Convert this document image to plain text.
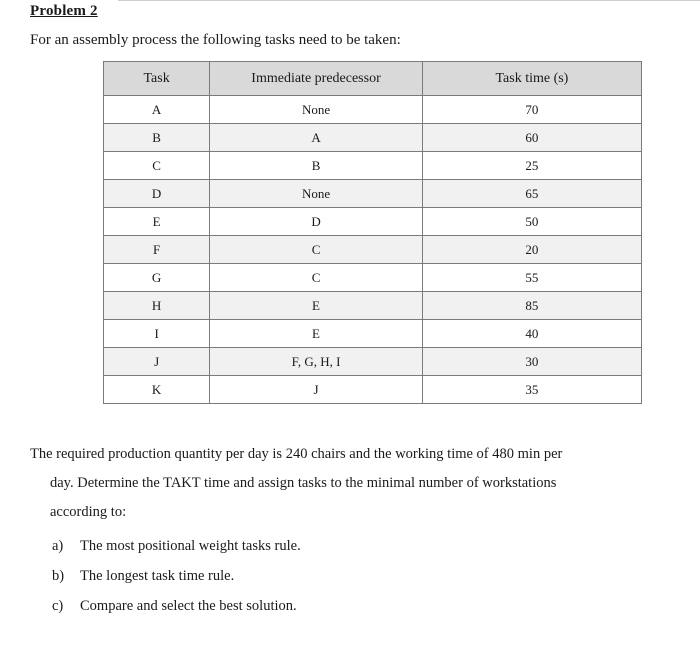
Problem 2
For an assembly process the following tasks need to be taken:
Task	Immediate predecessor	Task time (s)
A	None	70
B	A	60
C	B	25
D	None	65
E	D	50
F	C	20
G	C	55
H	E	85
I	E	40
J	F, G, H, I	30
K	J	35
The required production quantity per day is 240 chairs and the working time of 480 min per
day. Determine the TAKT time and assign tasks to the minimal number of workstations
according to:
a) The most positional weight tasks rule.
b) The longest task time rule.
c) Compare and select the best solution.
